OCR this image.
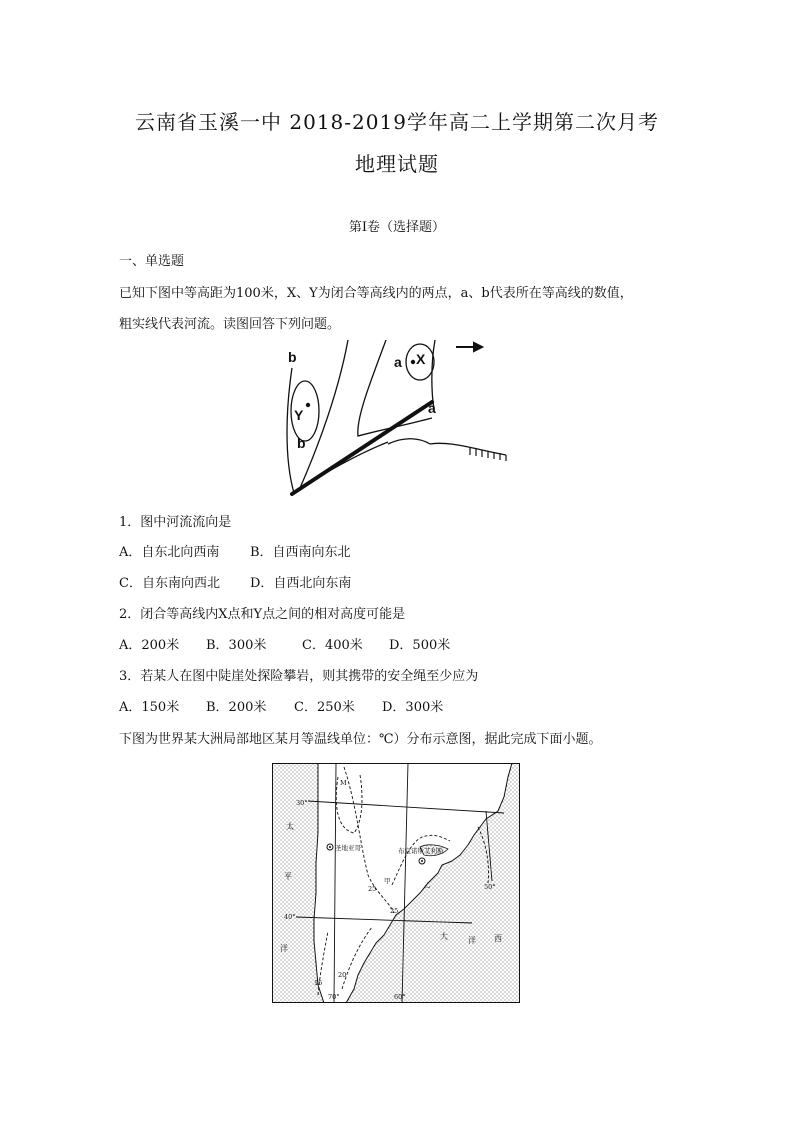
云南省玉溪一中 2018-2019学年高二上学期第二次月考
地理试题
第I卷（选择题）
一、单选题
已知下图中等高距为100米，X、Y为闭合等高线内的两点，a、b代表所在等高线的数值，
粗实线代表河流。读图回答下列问题。
b	a X
Y
b
a
1．图中河流流向是
A．自东北向西南 B．自西南向东北
C．自东南向西北 D．自西北向东南
2．闭合等高线内X点和Y点之间的相对高度可能是
A．200米 B．300米	C．400米 D．500米
3．若某人在图中陡崖处探险攀岩，则其携带的安全绳至少应为
A．150米 B．200米 C．250米 D．300米
下图为世界某大洲局部地区某月等温线单位：℃）分布示意图，据此完成下面小题。
30°
40°
70°	60°
50°
M
圣地亚哥	布宜诺斯艾利斯
甲	乙
25
25
20
15
大	洋 西
太
平
洋
